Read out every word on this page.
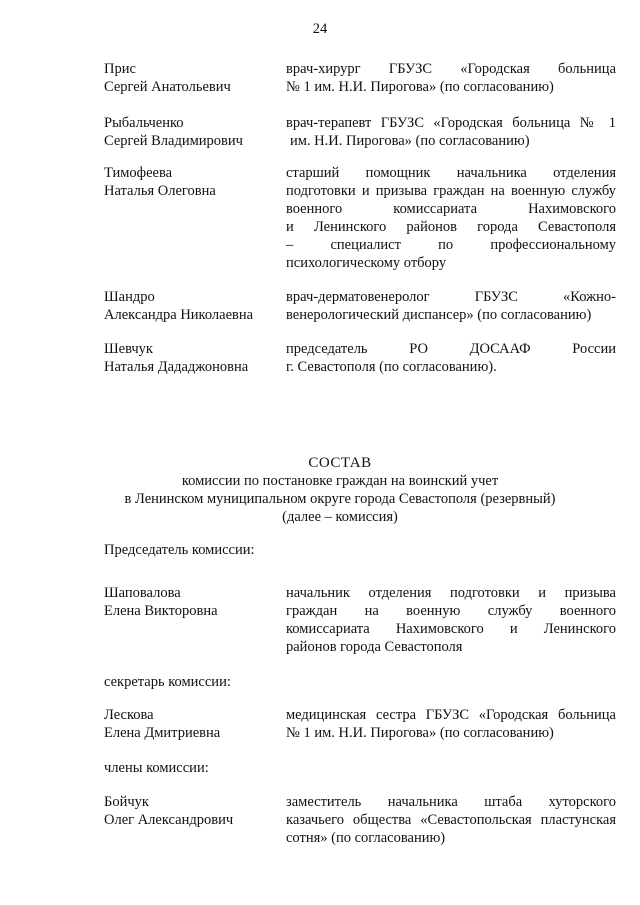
24
Прис
Сергей Анатольевич
врач-хирург ГБУЗС «Городская больница
№ 1 им. Н.И. Пирогова» (по согласованию)
Рыбальченко
Сергей Владимирович
врач-терапевт ГБУЗС «Городская больница № 1
им. Н.И. Пирогова» (по согласованию)
Тимофеева
Наталья Олеговна
старший помощник начальника отделения
подготовки и призыва граждан на военную службу
военного комиссариата Нахимовского
и Ленинского районов города Севастополя
– специалист по профессиональному
психологическому отбору
Шандро
Александра Николаевна
врач-дерматовенеролог ГБУЗС «Кожно-
венерологический диспансер» (по согласованию)
Шевчук
Наталья Дададжоновна
председатель РО ДОСААФ России
г. Севастополя (по согласованию).
СОСТАВ
комиссии по постановке граждан на воинский учет
в Ленинском муниципальном округе города Севастополя (резервный)
(далее – комиссия)
Председатель комиссии:
Шаповалова
Елена Викторовна
начальник отделения подготовки и призыва
граждан на военную службу военного
комиссариата Нахимовского и Ленинского
районов города Севастополя
секретарь комиссии:
Лескова
Елена Дмитриевна
медицинская сестра ГБУЗС «Городская больница
№ 1 им. Н.И. Пирогова» (по согласованию)
члены комиссии:
Бойчук
Олег Александрович
заместитель начальника штаба хуторского
казачьего общества «Севастопольская пластунская
сотня» (по согласованию)
